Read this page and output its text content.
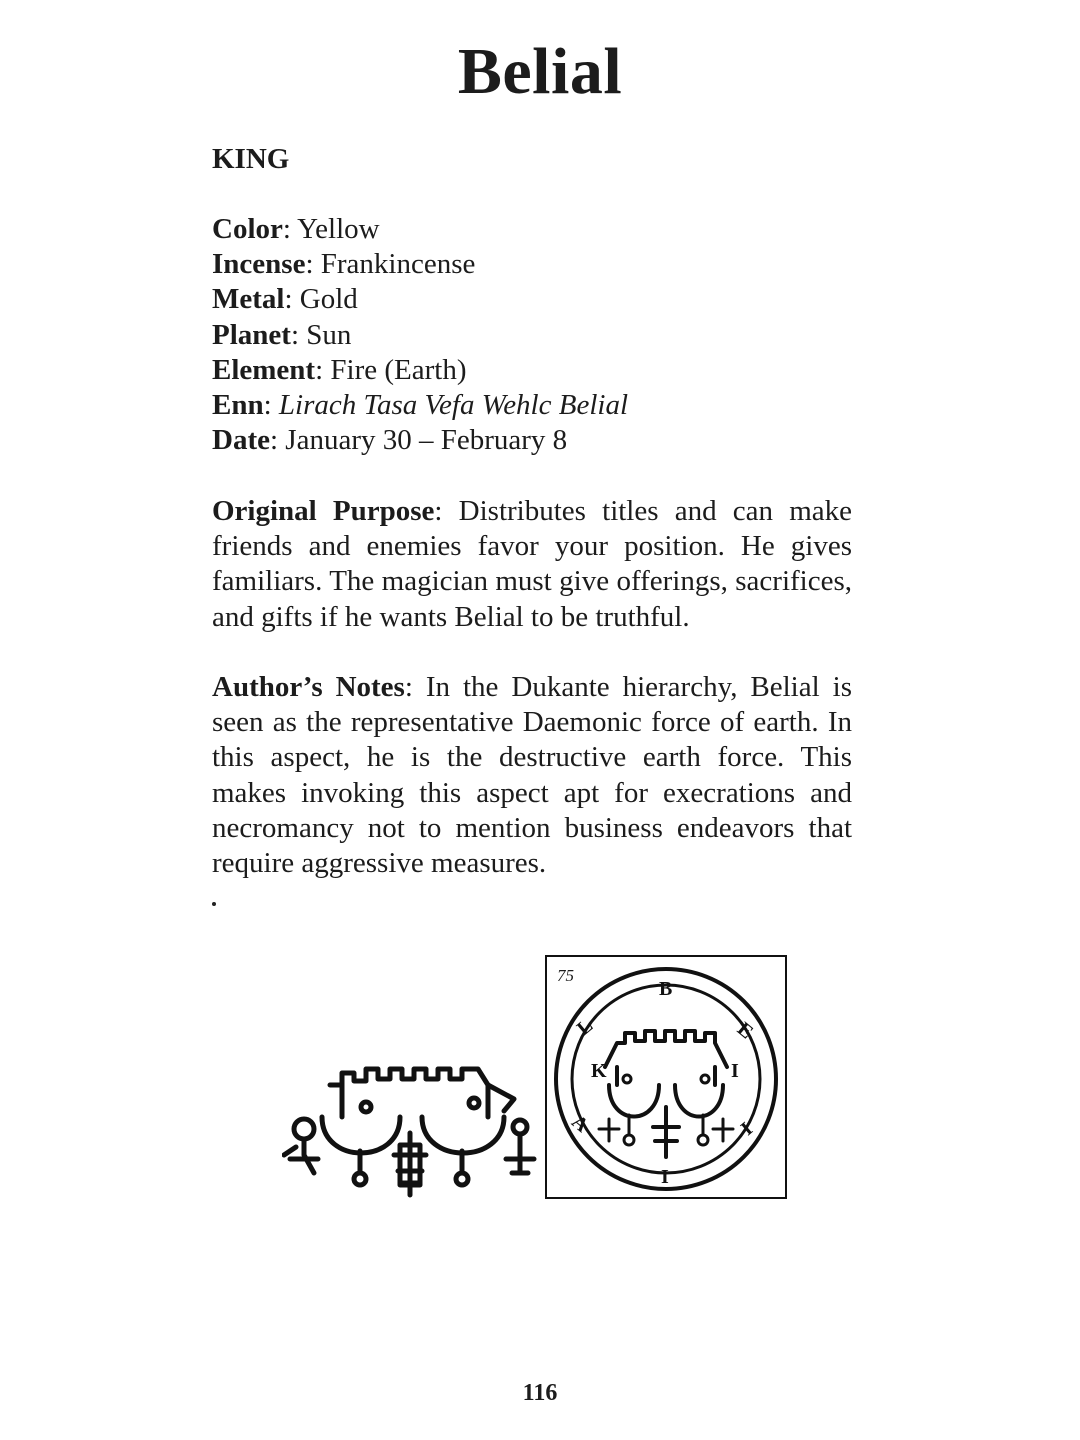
Belial
KING
Color: Yellow
Incense: Frankincense
Metal: Gold
Planet: Sun
Element: Fire (Earth)
Enn: Lirach Tasa Vefa Wehlc Belial
Date: January 30 – February 8

Original Purpose: Distributes titles and can make friends and enemies favor your position. He gives familiars. The magician must give offerings, sacrifices, and gifts if he wants Belial to be truthful.

Author’s Notes: In the Dukante hierarchy, Belial is seen as the representative Daemonic force of earth. In this aspect, he is the destructive earth force. This makes invoking this aspect apt for execrations and necromancy not to mention business endeavors that require aggressive measures.

75
B
E
I
L
A
I
K	I
116
